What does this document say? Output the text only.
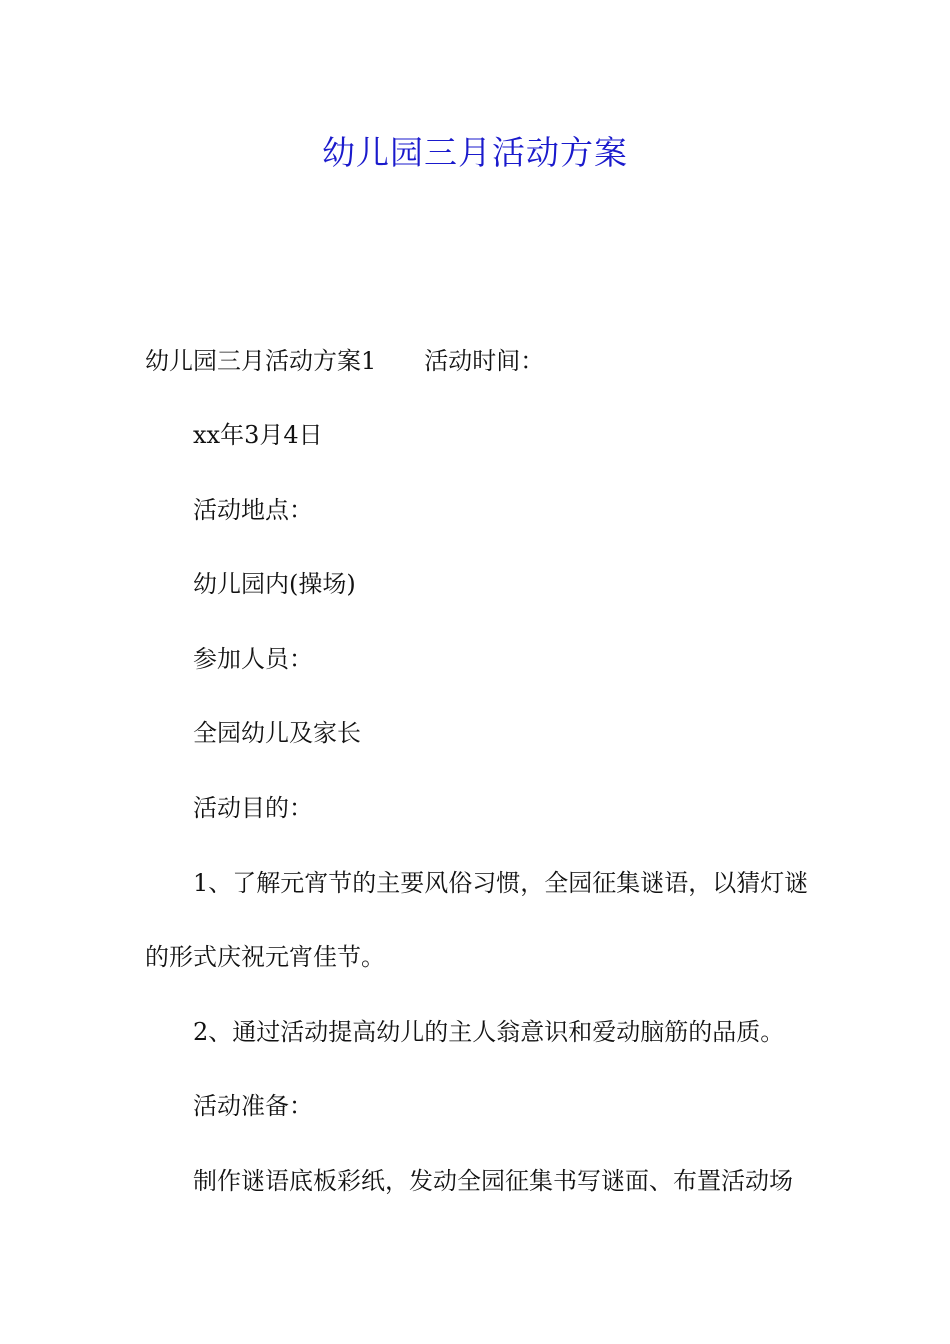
幼儿园三月活动方案
幼儿园三月活动方案1 活动时间：

xx年3月4日

活动地点：

幼儿园内(操场)

参加人员：

全园幼儿及家长

活动目的：

1、了解元宵节的主要风俗习惯，全园征集谜语，以猜灯谜

的形式庆祝元宵佳节。

2、通过活动提高幼儿的主人翁意识和爱动脑筋的品质。

活动准备：

制作谜语底板彩纸，发动全园征集书写谜面、布置活动场
